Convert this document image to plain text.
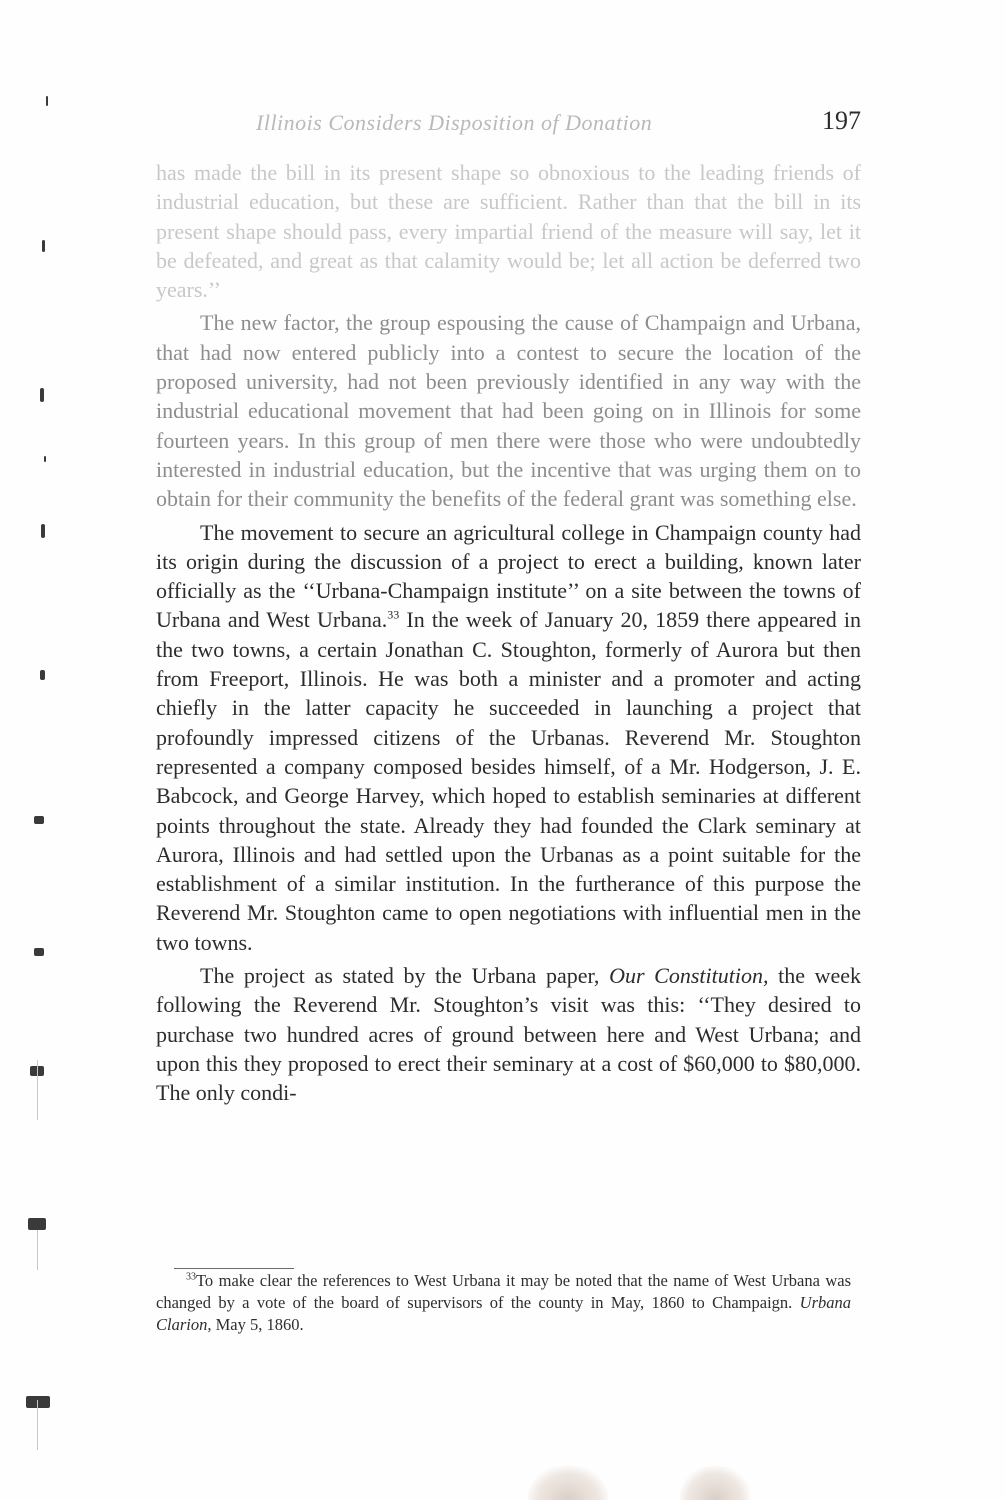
Illinois Considers Disposition of Donation	197

has made the bill in its present shape so obnoxious to the leading friends of industrial education, but these are sufficient. Rather than that the bill in its present shape should pass, every impartial friend of the measure will say, let it be defeated, and great as that calamity would be; let all action be deferred two years.’’

The new factor, the group espousing the cause of Champaign and Urbana, that had now entered publicly into a contest to secure the location of the proposed university, had not been previously identified in any way with the industrial educational movement that had been going on in Illinois for some fourteen years. In this group of men there were those who were undoubtedly interested in industrial education, but the incentive that was urging them on to obtain for their community the benefits of the federal grant was something else.

The movement to secure an agricultural college in Champaign county had its origin during the discussion of a project to erect a building, known later officially as the ‘‘Urbana-Champaign institute’’ on a site between the towns of Urbana and West Urbana.$^{33}$ In the week of January 20, 1859 there appeared in the two towns, a certain Jonathan C. Stoughton, formerly of Aurora but then from Freeport, Illinois. He was both a minister and a promoter and acting chiefly in the latter capacity he succeeded in launching a project that profoundly impressed citizens of the Urbanas. Reverend Mr. Stoughton represented a company composed besides himself, of a Mr. Hodgerson, J. E. Babcock, and George Harvey, which hoped to establish seminaries at different points throughout the state. Already they had founded the Clark seminary at Aurora, Illinois and had settled upon the Urbanas as a point suitable for the establishment of a similar institution. In the furtherance of this purpose the Reverend Mr. Stoughton came to open negotiations with influential men in the two towns.

The project as stated by the Urbana paper, Our Constitution, the week following the Reverend Mr. Stoughton’s visit was this: ‘‘They desired to purchase two hundred acres of ground between here and West Urbana; and upon this they proposed to erect their seminary at a cost of $60,000 to $80,000. The only condi-

$^{33}$To make clear the references to West Urbana it may be noted that the name of West Urbana was changed by a vote of the board of supervisors of the county in May, 1860 to Champaign. Urbana Clarion, May 5, 1860.
